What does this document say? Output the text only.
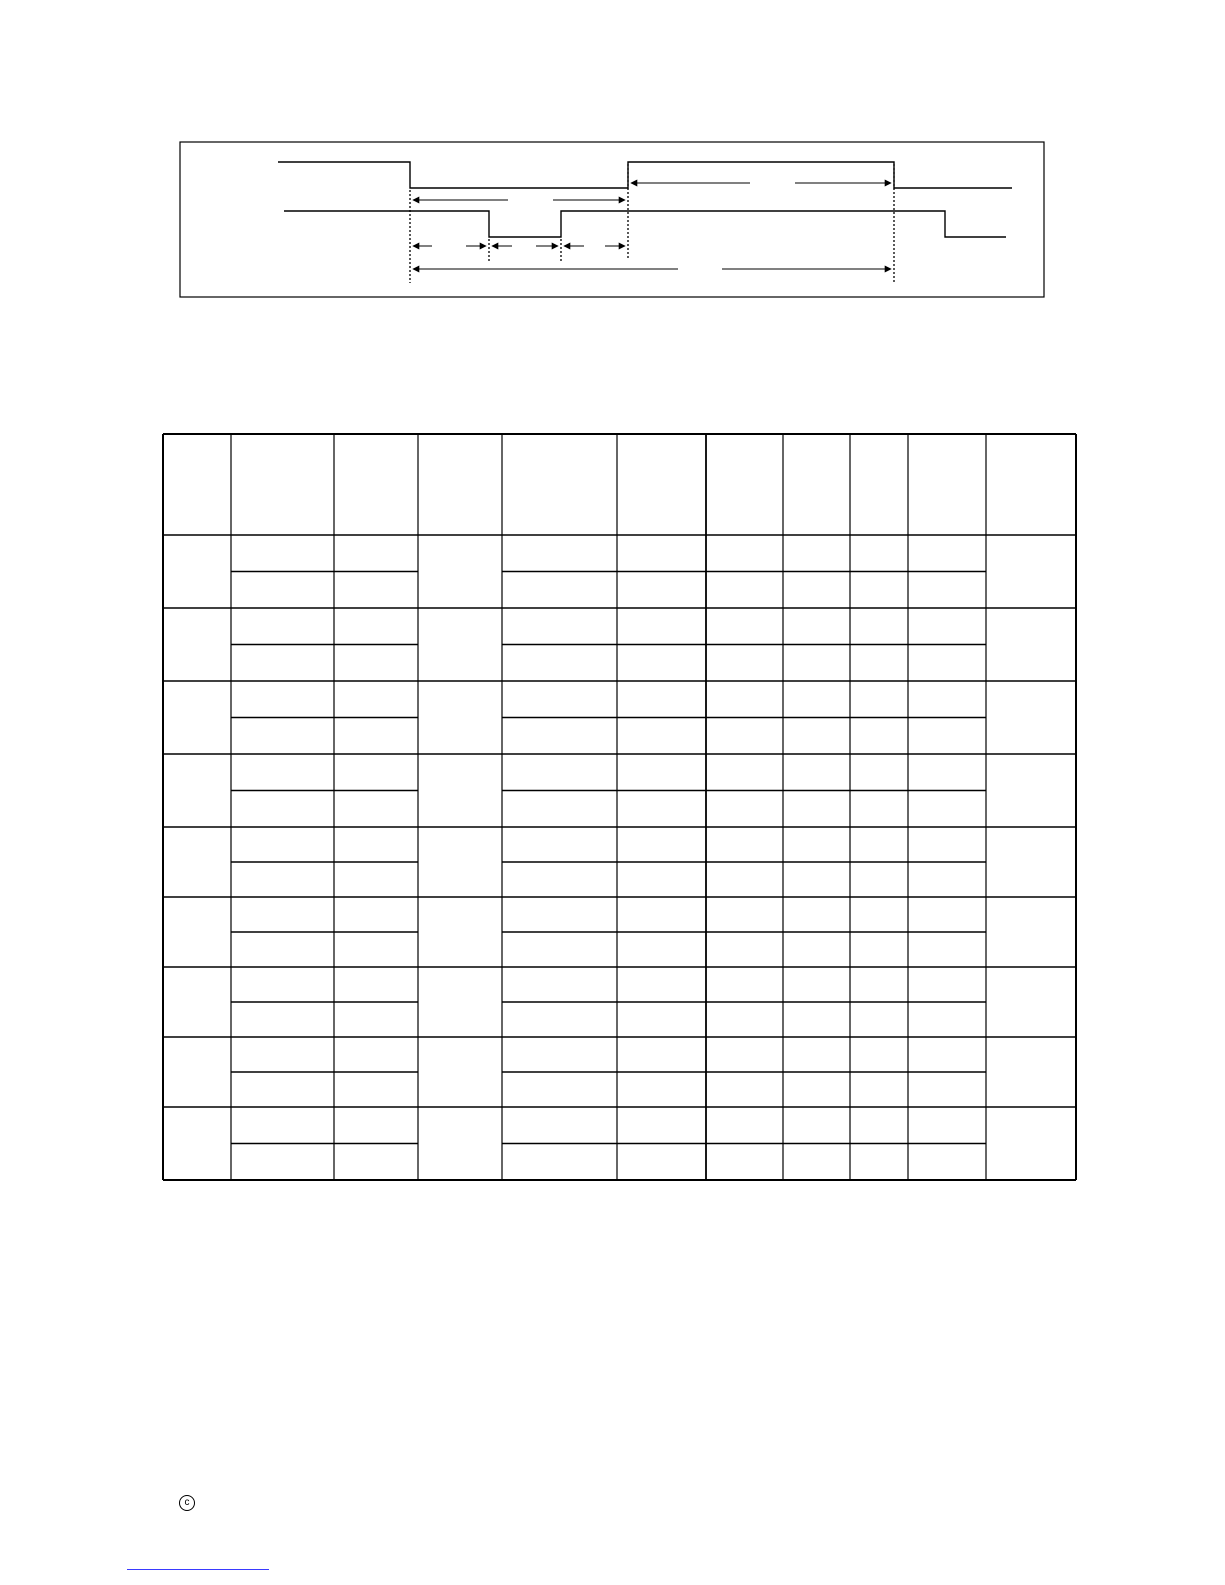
c
